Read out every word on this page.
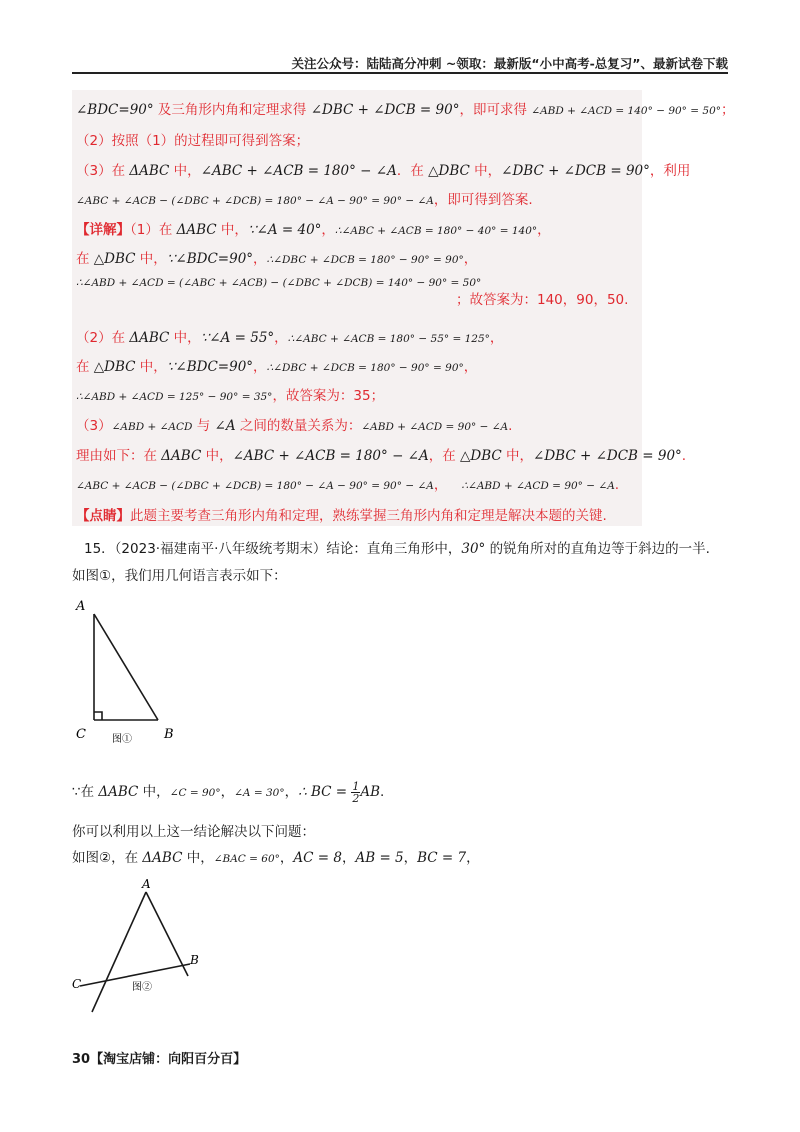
关注公众号：陆陆高分冲刺 ~领取：最新版“小中高考-总复习”、最新试卷下载
∠BDC=90° 及三角形内角和定理求得 ∠DBC + ∠DCB = 90°，即可求得 ∠ABD + ∠ACD = 140° − 90° = 50°；
（2）按照（1）的过程即可得到答案；
（3）在 ΔABC 中，∠ABC + ∠ACB = 180° − ∠A．在 △DBC 中，∠DBC + ∠DCB = 90°，利用
∠ABC + ∠ACB − (∠DBC + ∠DCB) = 180° − ∠A − 90° = 90° − ∠A，即可得到答案.
【详解】（1）在 ΔABC 中，∵∠A = 40°，∴∠ABC + ∠ACB = 180° − 40° = 140°，
在 △DBC 中，∵∠BDC=90°，∴∠DBC + ∠DCB = 180° − 90° = 90°，
∴∠ABD + ∠ACD = (∠ABC + ∠ACB) − (∠DBC + ∠DCB) = 140° − 90° = 50°
；故答案为：140，90，50.
（2）在 ΔABC 中，∵∠A = 55°，∴∠ABC + ∠ACB = 180° − 55° = 125°，
在 △DBC 中，∵∠BDC=90°，∴∠DBC + ∠DCB = 180° − 90° = 90°，
∴∠ABD + ∠ACD = 125° − 90° = 35°，故答案为：35；
（3）∠ABD + ∠ACD 与 ∠A 之间的数量关系为：∠ABD + ∠ACD = 90° − ∠A.
理由如下：在 ΔABC 中，∠ABC + ∠ACB = 180° − ∠A，在 △DBC 中，∠DBC + ∠DCB = 90°.
∠ABC + ∠ACB − (∠DBC + ∠DCB) = 180° − ∠A − 90° = 90° − ∠A， ∴∠ABD + ∠ACD = 90° − ∠A.
【点睛】此题主要考查三角形内角和定理，熟练掌握三角形内角和定理是解决本题的关键.
15．（2023·福建南平·八年级统考期末）结论：直角三角形中，30° 的锐角所对的直角边等于斜边的一半.
如图①，我们用几何语言表示如下：
A
C	B
图①
∵在 ΔABC 中，∠C = 90°，∠A = 30°，∴ BC = $\frac{1}{2}$ AB.
你可以利用以上这一结论解决以下问题：
如图②，在 ΔABC 中，∠BAC = 60°，AC = 8，AB = 5，BC = 7，
A
B
C	图②
30【淘宝店铺：向阳百分百】
